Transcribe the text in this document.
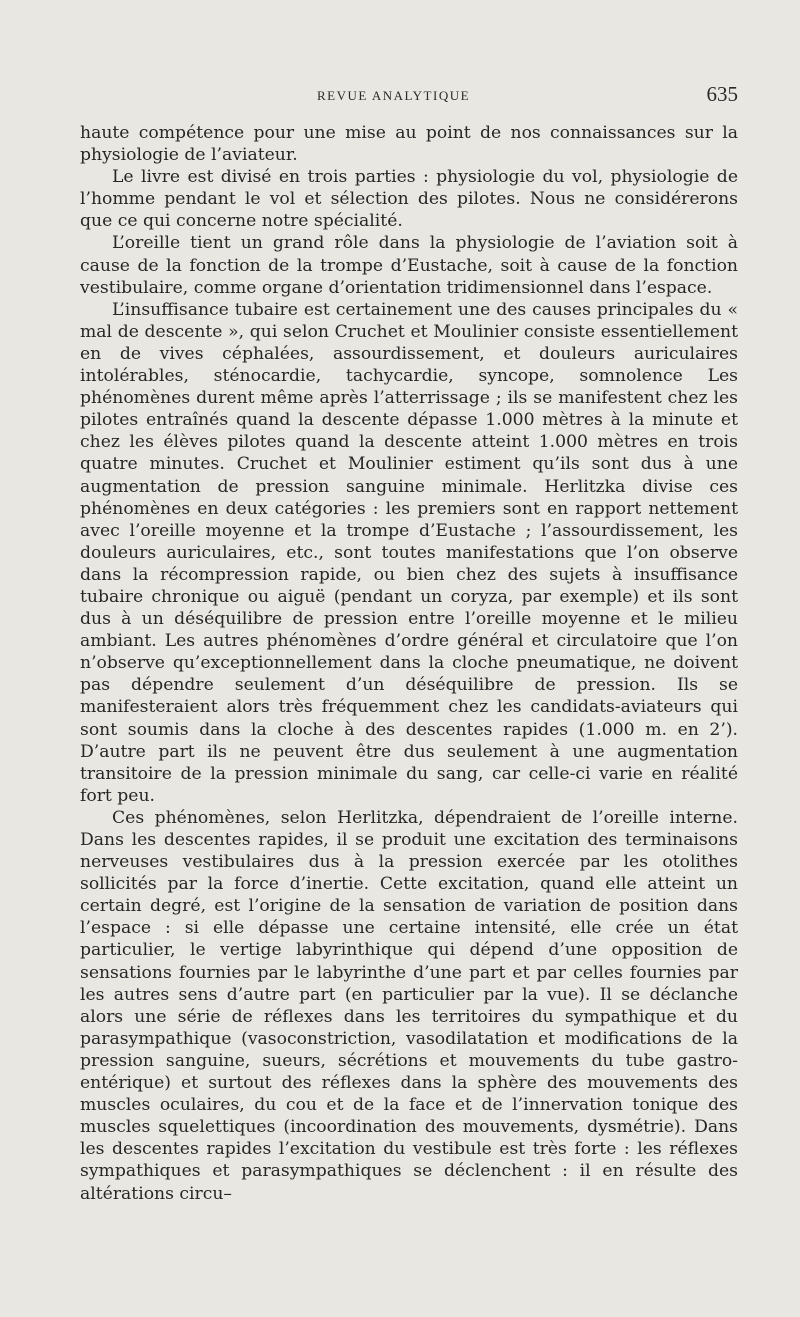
REVUE ANALYTIQUE	635

haute compétence pour une mise au point de nos connaissances sur la physiologie de l’aviateur.

Le livre est divisé en trois parties : physiologie du vol, physiologie de l’homme pendant le vol et sélection des pilotes. Nous ne considérerons que ce qui concerne notre spécialité.

L’oreille tient un grand rôle dans la physiologie de l’aviation soit à cause de la fonction de la trompe d’Eustache, soit à cause de la fonction vestibulaire, comme organe d’orientation tridimensionnel dans l’espace.

L’insuffisance tubaire est certainement une des causes principales du « mal de descente », qui selon Cruchet et Moulinier consiste essentiellement en de vives céphalées, assourdissement, et douleurs auriculaires intolérables, sténocardie, tachycardie, syncope, somnolence Les phénomènes durent même après l’atterrissage ; ils se manifestent chez les pilotes entraînés quand la descente dépasse 1.000 mètres à la minute et chez les élèves pilotes quand la descente atteint 1.000 mètres en trois quatre minutes. Cruchet et Moulinier estiment qu’ils sont dus à une augmentation de pression sanguine minimale. Herlitzka divise ces phénomènes en deux catégories : les premiers sont en rapport nettement avec l’oreille moyenne et la trompe d’Eustache ; l’assourdissement, les douleurs auriculaires, etc., sont toutes manifestations que l’on observe dans la récompression rapide, ou bien chez des sujets à insuffisance tubaire chronique ou aiguë (pendant un coryza, par exemple) et ils sont dus à un déséquilibre de pression entre l’oreille moyenne et le milieu ambiant. Les autres phénomènes d’ordre général et circulatoire que l’on n’observe qu’exceptionnellement dans la cloche pneumatique, ne doivent pas dépendre seulement d’un déséquilibre de pression. Ils se manifesteraient alors très fréquemment chez les candidats-aviateurs qui sont soumis dans la cloche à des descentes rapides (1.000 m. en 2’). D’autre part ils ne peuvent être dus seulement à une augmentation transitoire de la pression minimale du sang, car celle-ci varie en réalité fort peu.

Ces phénomènes, selon Herlitzka, dépendraient de l’oreille interne. Dans les descentes rapides, il se produit une excitation des terminaisons nerveuses vestibulaires dus à la pression exercée par les otolithes sollicités par la force d’inertie. Cette excitation, quand elle atteint un certain degré, est l’origine de la sensation de variation de position dans l’espace : si elle dépasse une certaine intensité, elle crée un état particulier, le vertige labyrinthique qui dépend d’une opposition de sensations fournies par le labyrinthe d’une part et par celles fournies par les autres sens d’autre part (en particulier par la vue). Il se déclanche alors une série de réflexes dans les territoires du sympathique et du parasympathique (vasoconstriction, vasodilatation et modifications de la pression sanguine, sueurs, sécrétions et mouvements du tube gastro-entérique) et surtout des réflexes dans la sphère des mouvements des muscles oculaires, du cou et de la face et de l’innervation tonique des muscles squelettiques (incoordination des mouvements, dysmétrie). Dans les descentes rapides l’excitation du vestibule est très forte : les réflexes sympathiques et parasympathiques se déclenchent : il en résulte des altérations circu–
